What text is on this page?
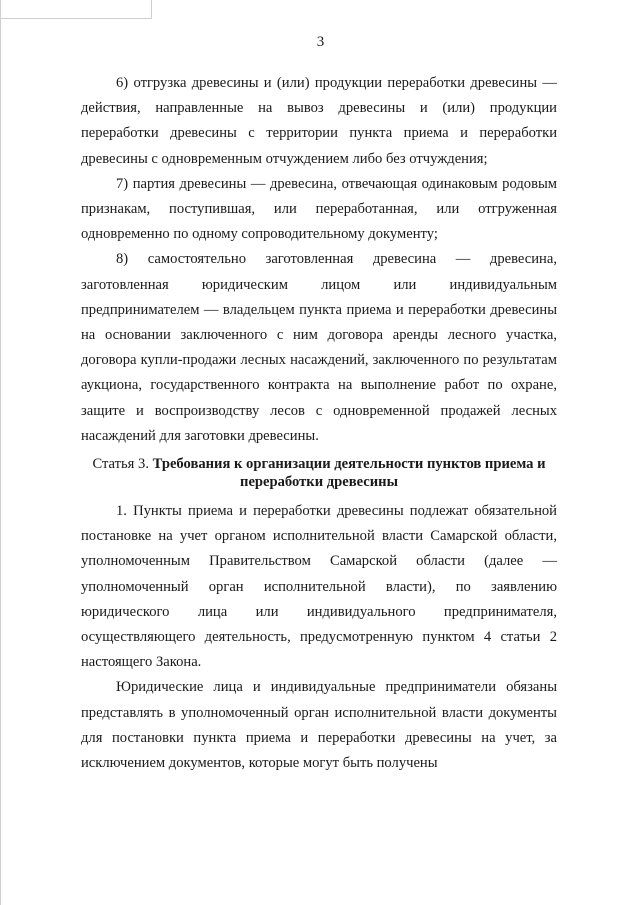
3

6) отгрузка древесины и (или) продукции переработки древесины — действия, направленные на вывоз древесины и (или) продукции переработки древесины с территории пункта приема и переработки древесины с одновременным отчуждением либо без отчуждения;

7) партия древесины — древесина, отвечающая одинаковым родовым признакам, поступившая, или переработанная, или отгруженная одновременно по одному сопроводительному документу;

8) самостоятельно заготовленная древесина — древесина, заготовленная юридическим лицом или индивидуальным предпринимателем — владельцем пункта приема и переработки древесины на основании заключенного с ним договора аренды лесного участка, договора купли-продажи лесных насаждений, заключенного по результатам аукциона, государственного контракта на выполнение работ по охране, защите и воспроизводству лесов с одновременной продажей лесных насаждений для заготовки древесины.

Статья 3. Требования к организации деятельности пунктов приема и переработки древесины

1. Пункты приема и переработки древесины подлежат обязательной постановке на учет органом исполнительной власти Самарской области, уполномоченным Правительством Самарской области (далее — уполномоченный орган исполнительной власти), по заявлению юридического лица или индивидуального предпринимателя, осуществляющего деятельность, предусмотренную пунктом 4 статьи 2 настоящего Закона.

Юридические лица и индивидуальные предприниматели обязаны представлять в уполномоченный орган исполнительной власти документы для постановки пункта приема и переработки древесины на учет, за исключением документов, которые могут быть получены
